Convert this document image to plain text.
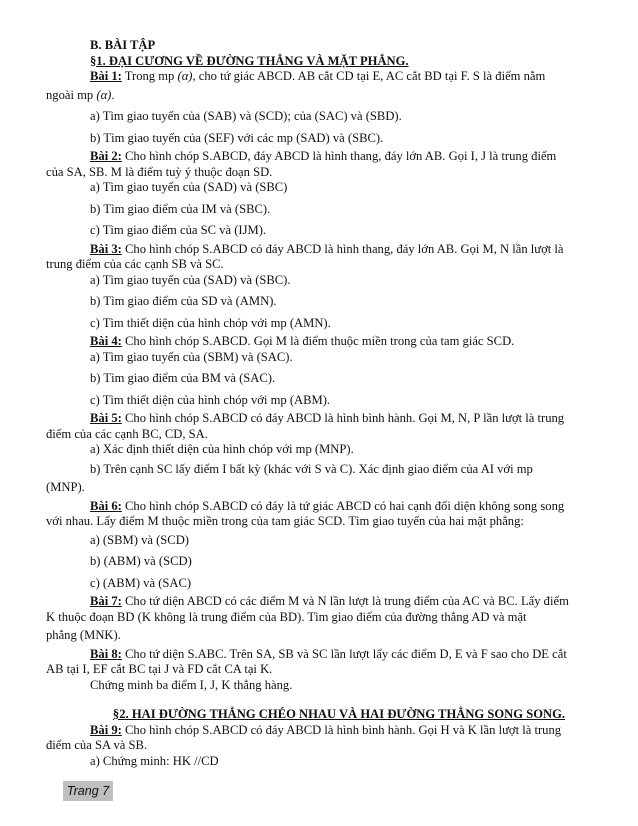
B. BÀI TẬP
§1. ĐẠI CƯƠNG VỀ ĐƯỜNG THẲNG VÀ MẶT PHẲNG.
Bài 1: Trong mp (α), cho tứ giác ABCD. AB cắt CD tại E, AC cắt BD tại F. S là điểm nằm
ngoài mp (α).
a) Tìm giao tuyến của (SAB) và (SCD); của (SAC) và (SBD).
b) Tìm giao tuyến của (SEF) với các mp (SAD) và (SBC).
Bài 2: Cho hình chóp S.ABCD, đáy ABCD là hình thang, đáy lớn AB. Gọi I, J là trung điểm
của SA, SB. M là điểm tuỳ ý thuộc đoạn SD.
a) Tìm giao tuyến của (SAD) và (SBC)
b) Tìm giao điểm của IM và (SBC).
c) Tìm giao điểm của SC và (IJM).
Bài 3: Cho hình chóp S.ABCD có đáy ABCD là hình thang, đáy lớn AB. Gọi M, N lần lượt là
trung điểm của các cạnh SB và SC.
a) Tìm giao tuyến của (SAD) và (SBC).
b) Tìm giao điểm của SD và (AMN).
c) Tìm thiết diện của hình chóp với mp (AMN).
Bài 4: Cho hình chóp S.ABCD. Gọi M là điểm thuộc miền trong của tam giác SCD.
a) Tìm giao tuyến của (SBM) và (SAC).
b) Tìm giao điểm của BM và (SAC).
c) Tìm thiết diện của hình chóp với mp (ABM).
Bài 5: Cho hình chóp S.ABCD có đáy ABCD là hình bình hành. Gọi M, N, P lần lượt là trung
điểm của các cạnh BC, CD, SA.
a) Xác định thiết diện của hình chóp với mp (MNP).
b) Trên cạnh SC lấy điểm I bất kỳ (khác với S và C). Xác định giao điểm của AI với mp
(MNP).
Bài 6: Cho hình chóp S.ABCD có đáy là tứ giác ABCD có hai cạnh đối diện không song song
với nhau. Lấy điểm M thuộc miền trong của tam giác SCD. Tìm giao tuyến của hai mặt phẳng:
a) (SBM) và (SCD)
b) (ABM) và (SCD)
c) (ABM) và (SAC)
Bài 7: Cho tứ diện ABCD có các điểm M và N lần lượt là trung điểm của AC và BC. Lấy điểm
K thuộc đoạn BD (K không là trung điểm của BD). Tìm giao điểm của đường thẳng AD và mặt
phẳng (MNK).
Bài 8: Cho tứ diện S.ABC. Trên SA, SB và SC lần lượt lấy các điểm D, E và F sao cho DE cắt
AB tại I, EF cắt BC tại J và FD cắt CA tại K.
Chứng minh ba điểm I, J, K thẳng hàng.
§2. HAI ĐƯỜNG THẲNG CHÉO NHAU VÀ HAI ĐƯỜNG THẲNG SONG SONG.
Bài 9: Cho hình chóp S.ABCD có đáy ABCD là hình bình hành. Gọi H và K lần lượt là trung
điểm của SA và SB.
a) Chứng minh: HK //CD
Trang 7
